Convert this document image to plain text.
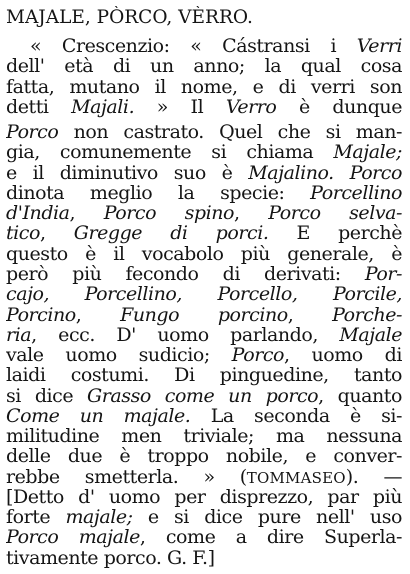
MAJALE, PÒRCO, VÈRRO.
« Crescenzio: « Cástransi i Verri
dell' età di un anno; la qual cosa
fatta, mutano il nome, e di verri son
detti Majali. » Il Verro è dunque
Porco non castrato. Quel che si man-
gia, comunemente si chiama Majale;
e il diminutivo suo è Majalino. Porco
dinota meglio la specie: Porcellino
d'India, Porco spino, Porco selva-
tico, Gregge di porci. E perchè
questo è il vocabolo più generale, è
però più fecondo di derivati: Por-
cajo, Porcellino, Porcello, Porcile,
Porcino, Fungo porcino, Porche-
ria, ecc. D' uomo parlando, Majale
vale uomo sudicio; Porco, uomo di
laidi costumi. Di pinguedine, tanto
si dice Grasso come un porco, quanto
Come un majale. La seconda è si-
militudine men triviale; ma nessuna
delle due è troppo nobile, e conver-
rebbe smetterla. » (TOMMASEO). —
[Detto d' uomo per disprezzo, par più
forte majale; e si dice pure nell' uso
Porco majale, come a dire Superla-
tivamente porco. G. F.]
